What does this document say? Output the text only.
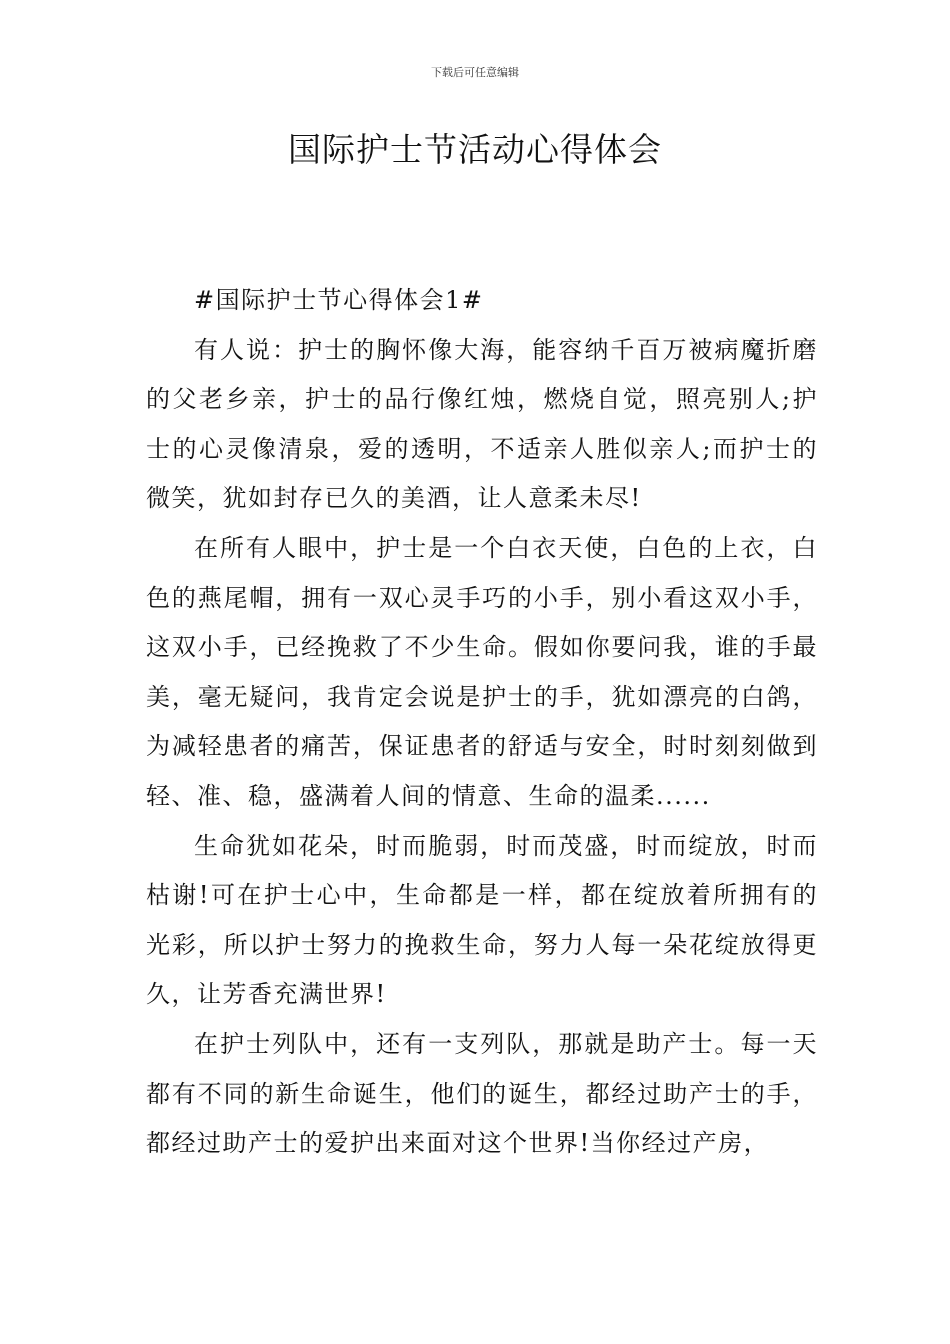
下载后可任意编辑
国际护士节活动心得体会

#国际护士节心得体会1#

有人说：护士的胸怀像大海，能容纳千百万被病魔折磨的父老乡亲，护士的品行像红烛，燃烧自觉，照亮别人;护士的心灵像清泉，爱的透明，不适亲人胜似亲人;而护士的微笑，犹如封存已久的美酒，让人意柔未尽!

在所有人眼中，护士是一个白衣天使，白色的上衣，白色的燕尾帽，拥有一双心灵手巧的小手，别小看这双小手，这双小手，已经挽救了不少生命。假如你要问我，谁的手最美，毫无疑问，我肯定会说是护士的手，犹如漂亮的白鸽，为减轻患者的痛苦，保证患者的舒适与安全，时时刻刻做到轻、准、稳，盛满着人间的情意、生命的温柔......

生命犹如花朵，时而脆弱，时而茂盛，时而绽放，时而枯谢!可在护士心中，生命都是一样，都在绽放着所拥有的光彩，所以护士努力的挽救生命，努力人每一朵花绽放得更久，让芳香充满世界!

在护士列队中，还有一支列队，那就是助产士。每一天都有不同的新生命诞生，他们的诞生，都经过助产士的手，都经过助产士的爱护出来面对这个世界!当你经过产房，
